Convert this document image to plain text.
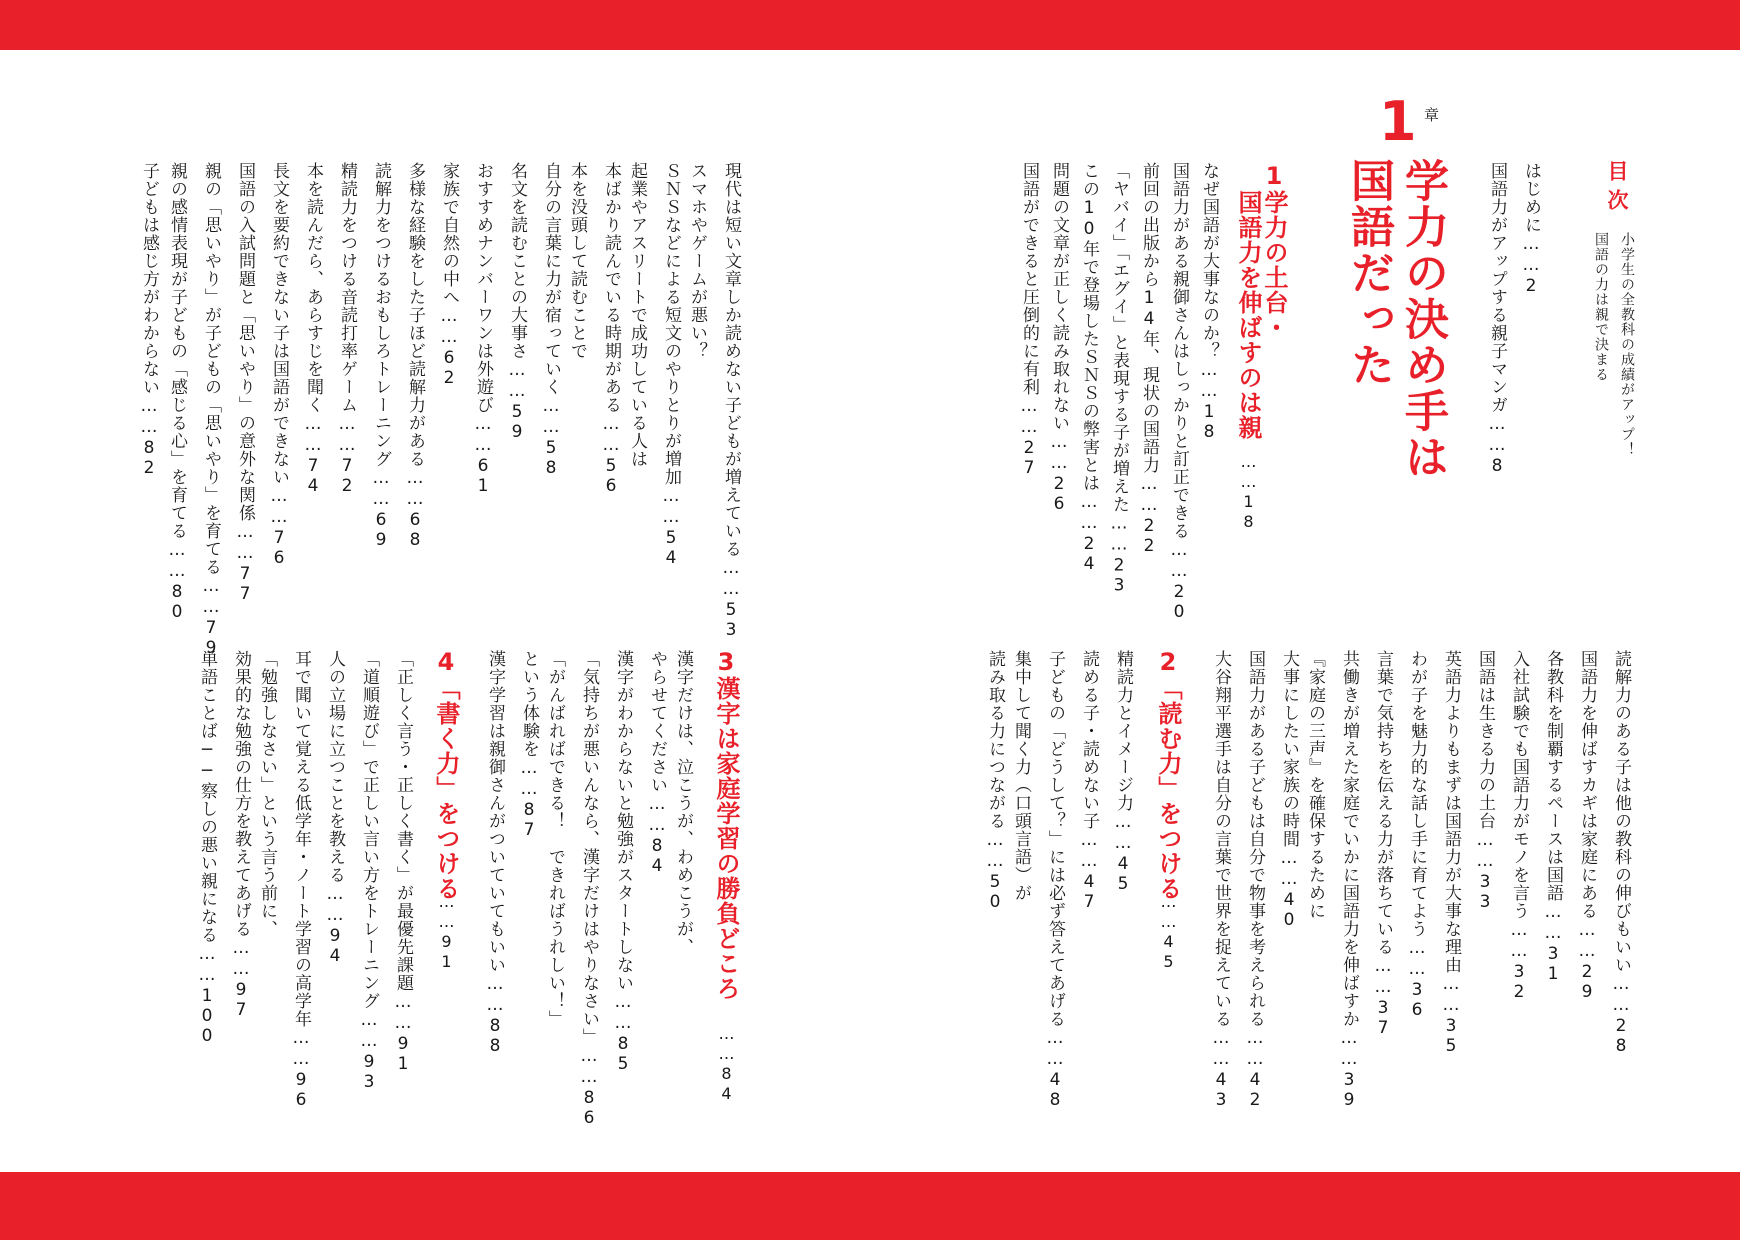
目次
小学生の全教科の成績がアップ！
国語の力は親で決まる
はじめに……2
国語力がアップする親子マンガ……8
1 章
学力の決め手は
国語だった
1
学力の土台・
国語力を伸ばすのは親
……18
なぜ国語が大事なのか？……18
国語力がある親御さんはしっかりと訂正できる……20
前回の出版から14年、現状の国語力……22
「ヤバイ」「エグイ」と表現する子が増えた……23
この10年で登場したＳＮＳの弊害とは……24
問題の文章が正しく読み取れない……26
国語ができると圧倒的に有利……27
読解力のある子は他の教科の伸びもいい……28
国語力を伸ばすカギは家庭にある……29
各教科を制覇するペースは国語……31
入社試験でも国語力がモノを言う……32
国語は生きる力の土台……33
英語力よりもまずは国語力が大事な理由……35
わが子を魅力的な話し手に育てよう……36
言葉で気持ちを伝える力が落ちている……37
共働きが増えた家庭でいかに国語力を伸ばすか……39
『家庭の三声』を確保するために
大事にしたい家族の時間……40
国語力がある子どもは自分で物事を考えられる……42
大谷翔平選手は自分の言葉で世界を捉えている……43
2
「読む力」をつける
……45
精読力とイメージ力……45
読める子・読めない子……47
子どもの「どうして？」には必ず答えてあげる……48
集中して聞く力（口頭言語）が
読み取る力につながる……50
現代は短い文章しか読めない子どもが増えている……53
スマホやゲームが悪い？
ＳＮＳなどによる短文のやりとりが増加……54
起業やアスリートで成功している人は
本ばかり読んでいる時期がある……56
本を没頭して読むことで
自分の言葉に力が宿っていく……58
名文を読むことの大事さ……59
おすすめナンバーワンは外遊び……61
家族で自然の中へ……62
多様な経験をした子ほど読解力がある……68
読解力をつけるおもしろトレーニング……69
精読力をつける音読打率ゲーム……72
本を読んだら、あらすじを聞く……74
長文を要約できない子は国語ができない……76
国語の入試問題と「思いやり」の意外な関係……77
親の「思いやり」が子どもの「思いやり」を育てる……79
親の感情表現が子どもの「感じる心」を育てる……80
子どもは感じ方がわからない……82
3
漢字は家庭学習の勝負どころ
……84
漢字だけは、泣こうが、わめこうが、
やらせてください……84
漢字がわからないと勉強がスタートしない……85
「気持ちが悪いんなら、漢字だけはやりなさい」……86
「がんばればできる！　できればうれしい！」
という体験を……87
漢字学習は親御さんがついていてもいい……88
4
「書く力」をつける
……91
「正しく言う・正しく書く」が最優先課題……91
「道順遊び」で正しい言い方をトレーニング……93
人の立場に立つことを教える……94
耳で聞いて覚える低学年・ノート学習の高学年……96
「勉強しなさい」という言う前に、
効果的な勉強の仕方を教えてあげる……97
単語ことば──察しの悪い親になる……100
